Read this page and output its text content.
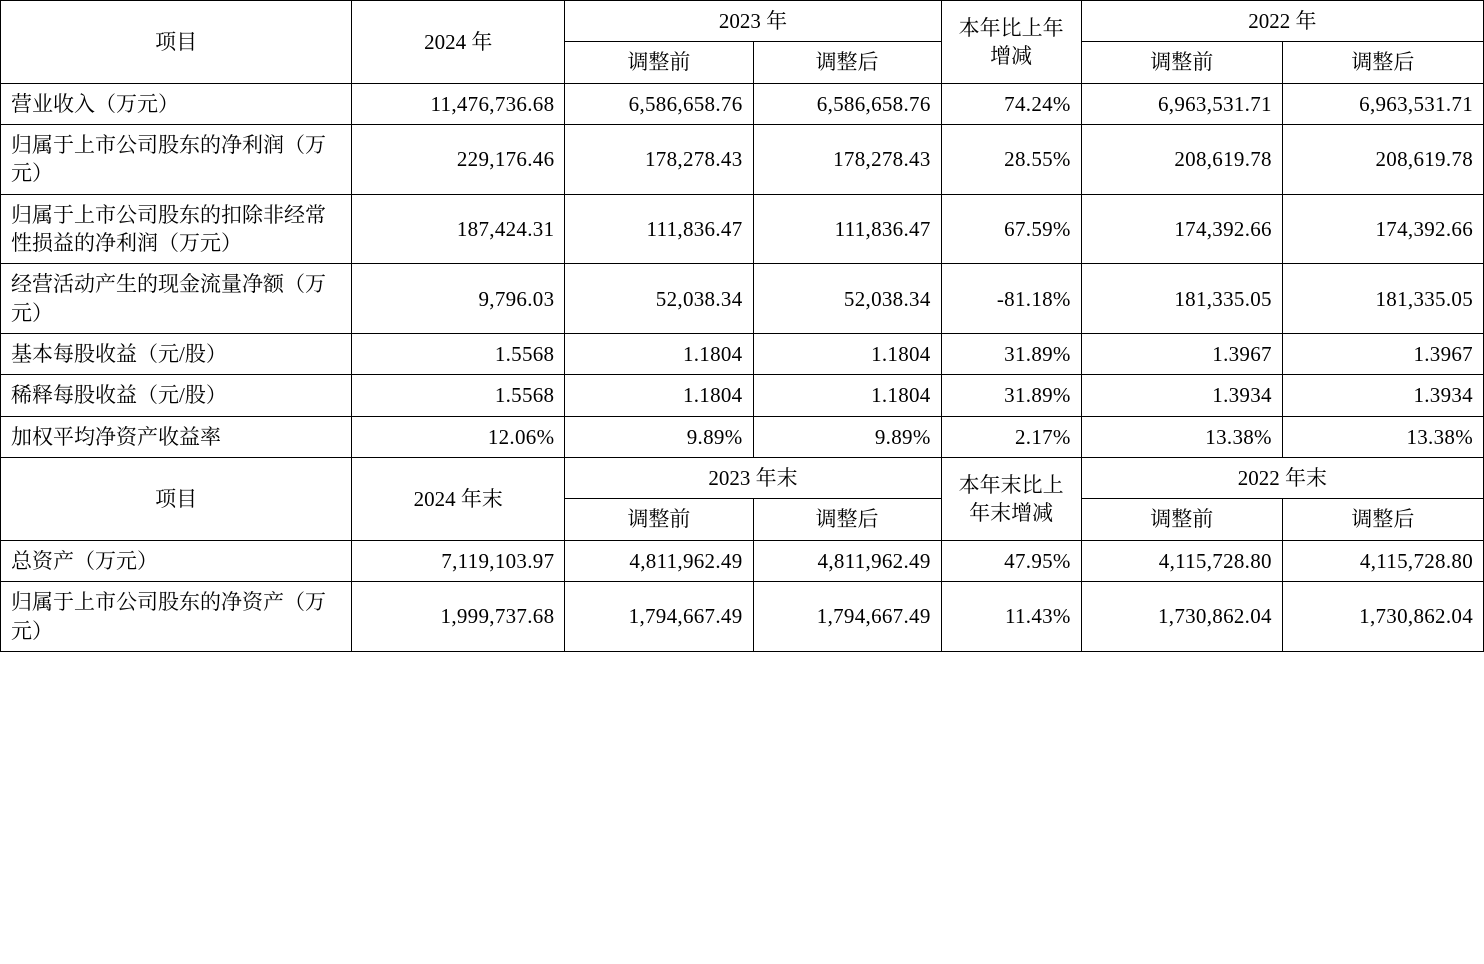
项目	2024 年	2023 年		本年比上年增减	2022 年	
		调整前	调整后		调整前	调整后
营业收入（万元）	11,476,736.68	6,586,658.76	6,586,658.76	74.24%	6,963,531.71	6,963,531.71
归属于上市公司股东的净利润（万元）	229,176.46	178,278.43	178,278.43	28.55%	208,619.78	208,619.78
归属于上市公司股东的扣除非经常性损益的净利润（万元）	187,424.31	111,836.47	111,836.47	67.59%	174,392.66	174,392.66
经营活动产生的现金流量净额（万元）	9,796.03	52,038.34	52,038.34	-81.18%	181,335.05	181,335.05
基本每股收益（元/股）	1.5568	1.1804	1.1804	31.89%	1.3967	1.3967
稀释每股收益（元/股）	1.5568	1.1804	1.1804	31.89%	1.3934	1.3934
加权平均净资产收益率	12.06%	9.89%	9.89%	2.17%	13.38%	13.38%
项目	2024 年末	2023 年末		本年末比上年末增减	2022 年末	
		调整前	调整后		调整前	调整后
总资产（万元）	7,119,103.97	4,811,962.49	4,811,962.49	47.95%	4,115,728.80	4,115,728.80
归属于上市公司股东的净资产（万元）	1,999,737.68	1,794,667.49	1,794,667.49	11.43%	1,730,862.04	1,730,862.04
